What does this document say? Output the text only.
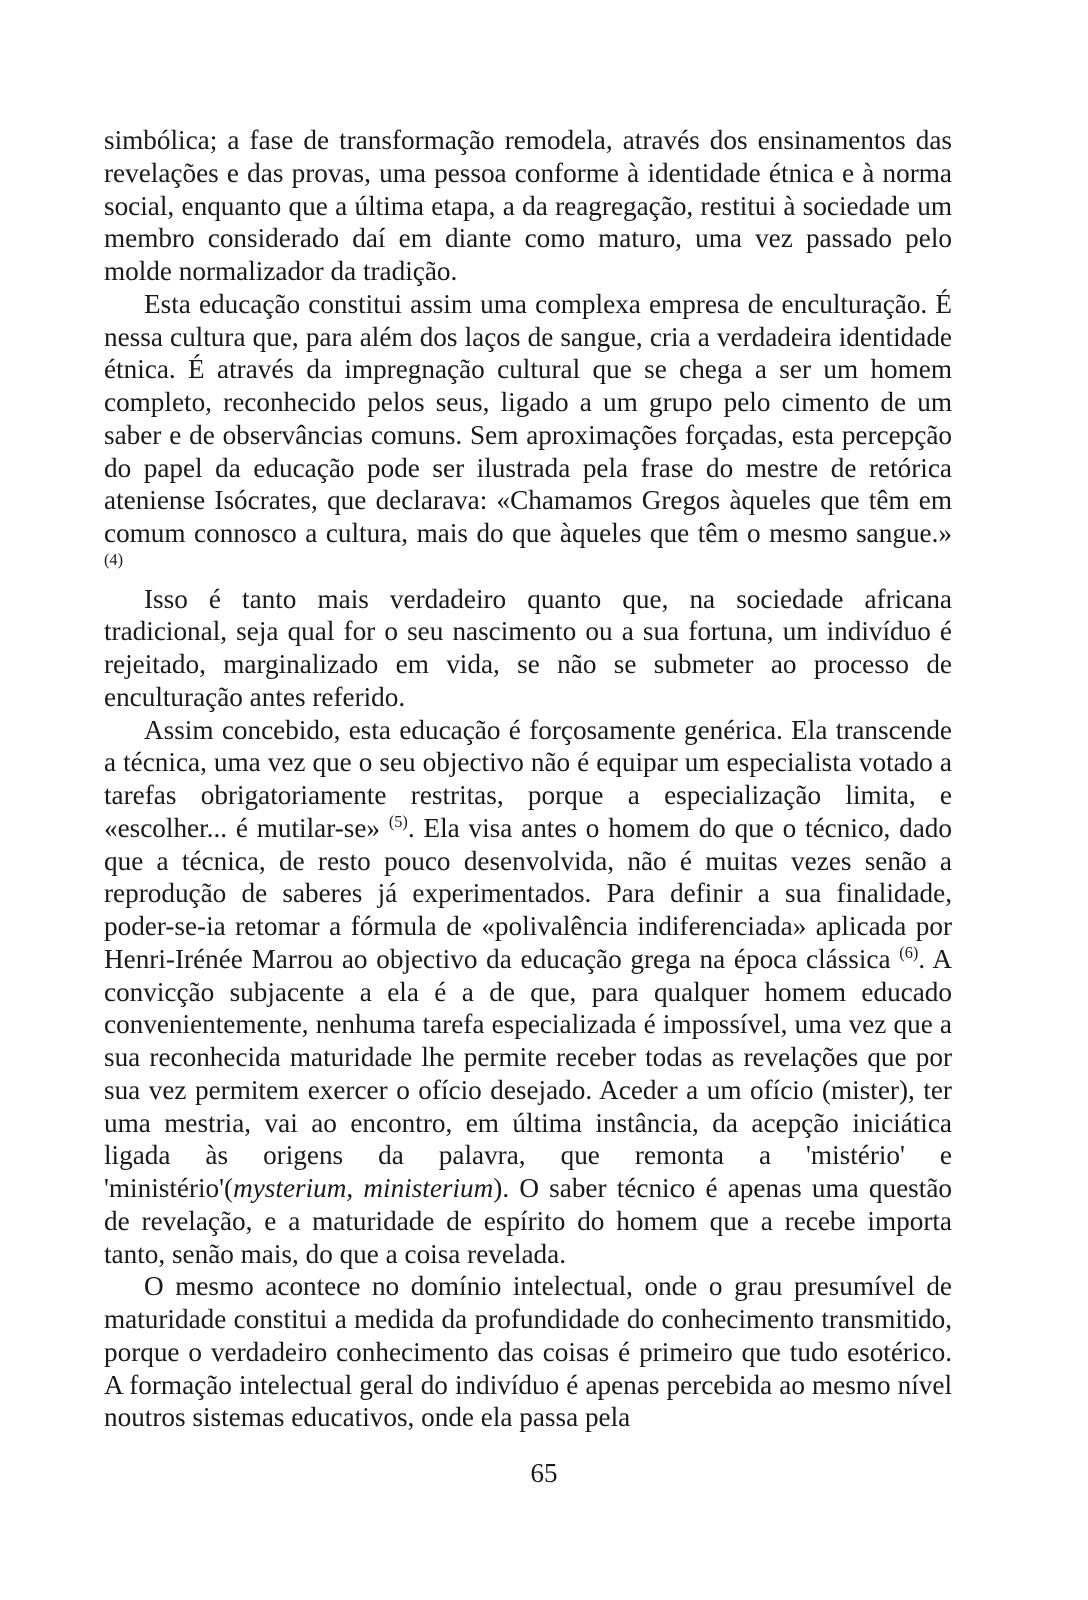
simbólica; a fase de transformação remodela, através dos ensinamentos das revelações e das provas, uma pessoa conforme à identidade étnica e à norma social, enquanto que a última etapa, a da reagregação, restitui à sociedade um membro considerado daí em diante como maturo, uma vez passado pelo molde normalizador da tradição.

Esta educação constitui assim uma complexa empresa de enculturação. É nessa cultura que, para além dos laços de sangue, cria a verdadeira identidade étnica. É através da impregnação cultural que se chega a ser um homem completo, reconhecido pelos seus, ligado a um grupo pelo cimento de um saber e de observâncias comuns. Sem aproximações forçadas, esta percepção do papel da educação pode ser ilustrada pela frase do mestre de retórica ateniense Isócrates, que declarava: «Chamamos Gregos àqueles que têm em comum connosco a cultura, mais do que àqueles que têm o mesmo sangue.» $^{(4)}$

Isso é tanto mais verdadeiro quanto que, na sociedade africana tradicional, seja qual for o seu nascimento ou a sua fortuna, um indivíduo é rejeitado, marginalizado em vida, se não se submeter ao processo de enculturação antes referido.

Assim concebido, esta educação é forçosamente genérica. Ela transcende a técnica, uma vez que o seu objectivo não é equipar um especialista votado a tarefas obrigatoriamente restritas, porque a especialização limita, e «escolher... é mutilar-se» $^{(5)}$. Ela visa antes o homem do que o técnico, dado que a técnica, de resto pouco desenvolvida, não é muitas vezes senão a reprodução de saberes já experimentados. Para definir a sua finalidade, poder-se-ia retomar a fórmula de «polivalência indiferenciada» aplicada por Henri-Irénée Marrou ao objectivo da educação grega na época clássica $^{(6)}$. A convicção subjacente a ela é a de que, para qualquer homem educado convenientemente, nenhuma tarefa especializada é impossível, uma vez que a sua reconhecida maturidade lhe permite receber todas as revelações que por sua vez permitem exercer o ofício desejado. Aceder a um ofício (mister), ter uma mestria, vai ao encontro, em última instância, da acepção iniciática ligada às origens da palavra, que remonta a 'mistério' e 'ministério'(mysterium, ministerium). O saber técnico é apenas uma questão de revelação, e a maturidade de espírito do homem que a recebe importa tanto, senão mais, do que a coisa revelada.

O mesmo acontece no domínio intelectual, onde o grau presumível de maturidade constitui a medida da profundidade do conhecimento transmitido, porque o verdadeiro conhecimento das coisas é primeiro que tudo esotérico. A formação intelectual geral do indivíduo é apenas percebida ao mesmo nível noutros sistemas educativos, onde ela passa pela

65
